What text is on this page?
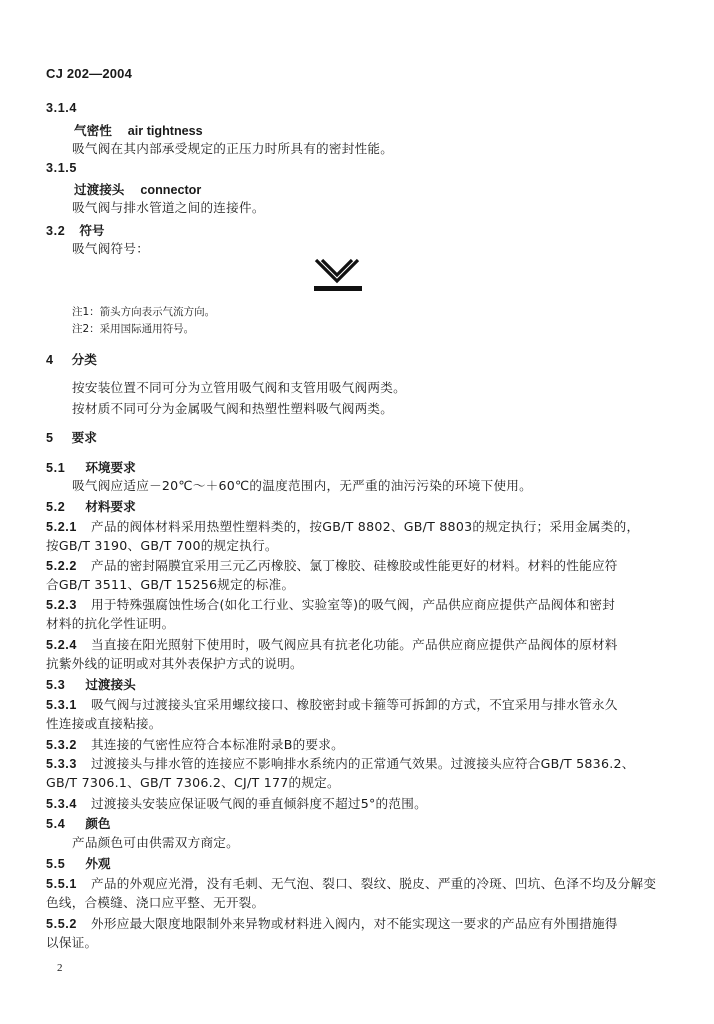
CJ 202—2004
3.1.4
气密性 air tightness
吸气阀在其内部承受规定的正压力时所具有的密封性能。
3.1.5
过渡接头 connector
吸气阀与排水管道之间的连接件。
3.2 符号
吸气阀符号：
注1：箭头方向表示气流方向。
注2：采用国际通用符号。
4 分类
按安装位置不同可分为立管用吸气阀和支管用吸气阀两类。
按材质不同可分为金属吸气阀和热塑性塑料吸气阀两类。
5 要求
5.1 环境要求
吸气阀应适应－20℃～＋60℃的温度范围内，无严重的油污污染的环境下使用。
5.2 材料要求
5.2.1 产品的阀体材料采用热塑性塑料类的，按GB/T 8802、GB/T 8803的规定执行；采用金属类的，
按GB/T 3190、GB/T 700的规定执行。
5.2.2 产品的密封隔膜宜采用三元乙丙橡胶、氯丁橡胶、硅橡胶或性能更好的材料。材料的性能应符
合GB/T 3511、GB/T 15256规定的标准。
5.2.3 用于特殊强腐蚀性场合(如化工行业、实验室等)的吸气阀，产品供应商应提供产品阀体和密封
材料的抗化学性证明。
5.2.4 当直接在阳光照射下使用时，吸气阀应具有抗老化功能。产品供应商应提供产品阀体的原材料
抗紫外线的证明或对其外表保护方式的说明。
5.3 过渡接头
5.3.1 吸气阀与过渡接头宜采用螺纹接口、橡胶密封或卡箍等可拆卸的方式，不宜采用与排水管永久
性连接或直接粘接。
5.3.2 其连接的气密性应符合本标准附录B的要求。
5.3.3 过渡接头与排水管的连接应不影响排水系统内的正常通气效果。过渡接头应符合GB/T 5836.2、
GB/T 7306.1、GB/T 7306.2、CJ/T 177的规定。
5.3.4 过渡接头安装应保证吸气阀的垂直倾斜度不超过5°的范围。
5.4 颜色
产品颜色可由供需双方商定。
5.5 外观
5.5.1 产品的外观应光滑，没有毛刺、无气泡、裂口、裂纹、脱皮、严重的冷斑、凹坑、色泽不均及分解变
色线，合模缝、浇口应平整、无开裂。
5.5.2 外形应最大限度地限制外来异物或材料进入阀内，对不能实现这一要求的产品应有外围措施得
以保证。
2
